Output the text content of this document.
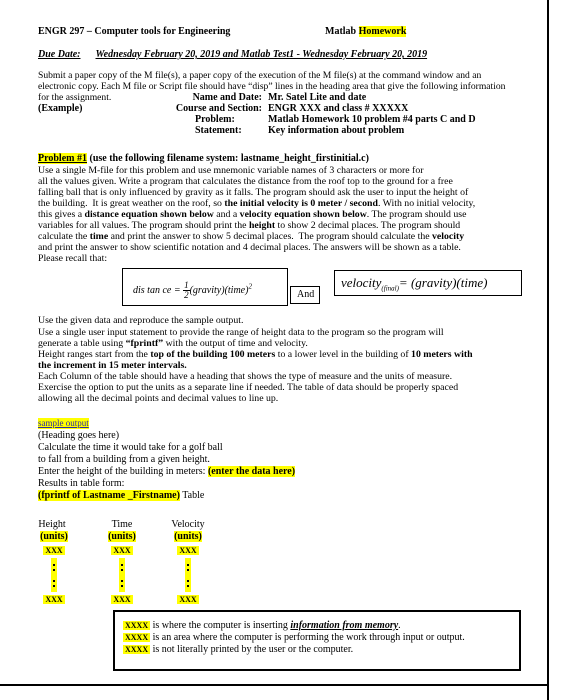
ENGR 297 – Computer tools for Engineering	Matlab Homework
Due Date: Wednesday February 20, 2019 and Matlab Test1 - Wednesday February 20, 2019
Submit a paper copy of the M file(s), a paper copy of the execution of the M file(s) at the command window and an
electronic copy. Each M file or Script file should have “disp” lines in the heading area that give the following information
for the assignment.
(Example)
Name and Date: Mr. Satel Lite and date
Course and Section: ENGR XXX and class # XXXXX
Problem:	Matlab Homework 10 problem #4 parts C and D
Statement:	Key information about problem
Problem #1 (use the following filename system: lastname_height_firstinitial.c)
Use a single M-file for this problem and use mnemonic variable names of 3 characters or more for
all the values given. Write a program that calculates the distance from the roof top to the ground for a free
falling ball that is only influenced by gravity as it falls. The program should ask the user to input the height of
the building.  It is great weather on the roof, so the initial velocity is 0 meter / second. With no initial velocity,
this gives a distance equation shown below and a velocity equation shown below. The program should use
variables for all values. The program should print the height to show 2 decimal places. The program should
calculate the time and print the answer to show 5 decimal places.  The program should calculate the velocity
and print the answer to show scientific notation and 4 decimal places. The answers will be shown as a table.
Please recall that:
dis tan ce = $\frac{1}{2}$ (gravity)(time)$^2$
And
velocity$_{(final)}$= (gravity)(time)
Use the given data and reproduce the sample output.
Use a single user input statement to provide the range of height data to the program so the program will
generate a table using “fprintf” with the output of time and velocity.
Height ranges start from the top of the building 100 meters to a lower level in the building of 10 meters with
the increment in 15 meter intervals.
Each Column of the table should have a heading that shows the type of measure and the units of measure.
Exercise the option to put the units as a separate line if needed. The table of data should be properly spaced
allowing all the decimal points and decimal values to line up.
sample output
(Heading goes here)
Calculate the time it would take for a golf ball
to fall from a building from a given height.
Enter the height of the building in meters: (enter the data here)
Results in table form:
(fprintf of Lastname _Firstname) Table
Height	Time	Velocity
(units)	(units)	(units)
XXX	XXX	XXX
XXX	XXX	XXX
XXXX is where the computer is inserting information from memory.
XXXX is an area where the computer is performing the work through input or output.
XXXX is not literally printed by the user or the computer.
